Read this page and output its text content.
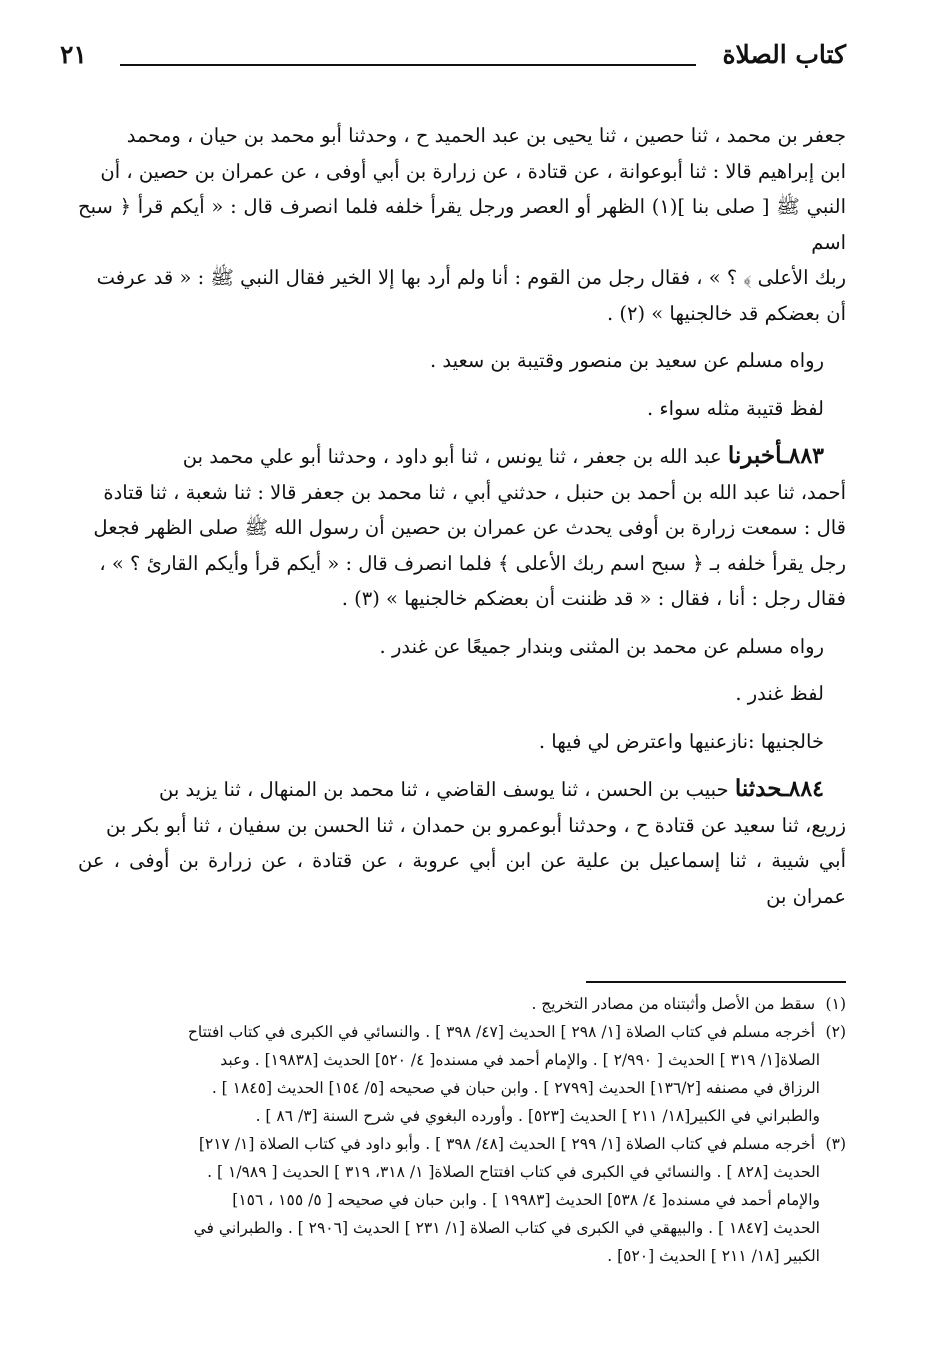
كتاب الصلاة
٢١
جعفر بن محمد ، ثنا حصين ، ثنا يحيى بن عبد الحميد ح ، وحدثنا أبو محمد بن حيان ، ومحمد
ابن إبراهيم قالا : ثنا أبوعوانة ، عن قتادة ، عن زرارة بن أبي أوفى ، عن عمران بن حصين ، أن
النبي ﷺ [ صلى بنا ](١) الظهر أو العصر ورجل يقرأ خلفه فلما انصرف قال : « أيكم قرأ ﴿ سبح اسم
ربك الأعلى ﴾ ؟ » ، فقال رجل من القوم : أنا ولم أرد بها إلا الخير فقال النبي ﷺ : « قد عرفت
أن بعضكم قد خالجنيها » (٢) .
رواه مسلم عن سعيد بن منصور وقتيبة بن سعيد .
لفظ قتيبة مثله سواء .
٨٨٣ـأخبرنا عبد الله بن جعفر ، ثنا يونس ، ثنا أبو داود ، وحدثنا أبو علي محمد بن
أحمد، ثنا عبد الله بن أحمد بن حنبل ، حدثني أبي ، ثنا محمد بن جعفر قالا : ثنا شعبة ، ثنا قتادة
قال : سمعت زرارة بن أوفى يحدث عن عمران بن حصين أن رسول الله ﷺ صلى الظهر فجعل
رجل يقرأ خلفه بـ ﴿ سبح اسم ربك الأعلى ﴾ فلما انصرف قال : « أيكم قرأ وأيكم القارئ ؟ » ،
فقال رجل : أنا ، فقال : « قد ظننت أن بعضكم خالجنيها » (٣) .
رواه مسلم عن محمد بن المثنى وبندار جميعًا عن غندر .
لفظ غندر .
خالجنيها :نازعنيها واعترض لي فيها .
٨٨٤ـحدثنا حبيب بن الحسن ، ثنا يوسف القاضي ، ثنا محمد بن المنهال ، ثنا يزيد بن
زريع، ثنا سعيد عن قتادة ح ، وحدثنا أبوعمرو بن حمدان ، ثنا الحسن بن سفيان ، ثنا أبو بكر بن
أبي شيبة ، ثنا إسماعيل بن علية عن ابن أبي عروبة ، عن قتادة ، عن زرارة بن أوفى ، عن عمران بن
(١) سقط من الأصل وأثبتناه من مصادر التخريج .
(٢) أخرجه مسلم في كتاب الصلاة [١/ ٢٩٨ ] الحديث [٤٧/ ٣٩٨ ] . والنسائي في الكبرى في كتاب افتتاح
الصلاة[١/ ٣١٩ ] الحديث [ ٢/٩٩٠ ] . والإمام أحمد في مسنده[ ٤/ ٥٢٠] الحديث [١٩٨٣٨] . وعبد
الرزاق في مصنفه [١٣٦/٢] الحديث [٢٧٩٩ ] . وابن حبان في صحيحه [٥/ ١٥٤] الحديث [١٨٤٥ ] .
والطبراني في الكبير[١٨/ ٢١١ ] الحديث [٥٢٣] . وأورده البغوي في شرح السنة [٣/ ٨٦ ] .
(٣) أخرجه مسلم في كتاب الصلاة [١/ ٢٩٩ ] الحديث [٤٨/ ٣٩٨ ] . وأبو داود في كتاب الصلاة [١/ ٢١٧]
الحديث [٨٢٨ ] . والنسائي في الكبرى في كتاب افتتاح الصلاة[ ١/ ٣١٨، ٣١٩ ] الحديث [ ١/٩٨٩ ] .
والإمام أحمد في مسنده[ ٤/ ٥٣٨] الحديث [١٩٩٨٣ ] . وابن حبان في صحيحه [ ٥/ ١٥٥ ، ١٥٦]
الحديث [١٨٤٧ ] . والبيهقي في الكبرى في كتاب الصلاة [١/ ٢٣١ ] الحديث [٢٩٠٦ ] . والطبراني في
الكبير [١٨/ ٢١١ ] الحديث [٥٢٠] .
